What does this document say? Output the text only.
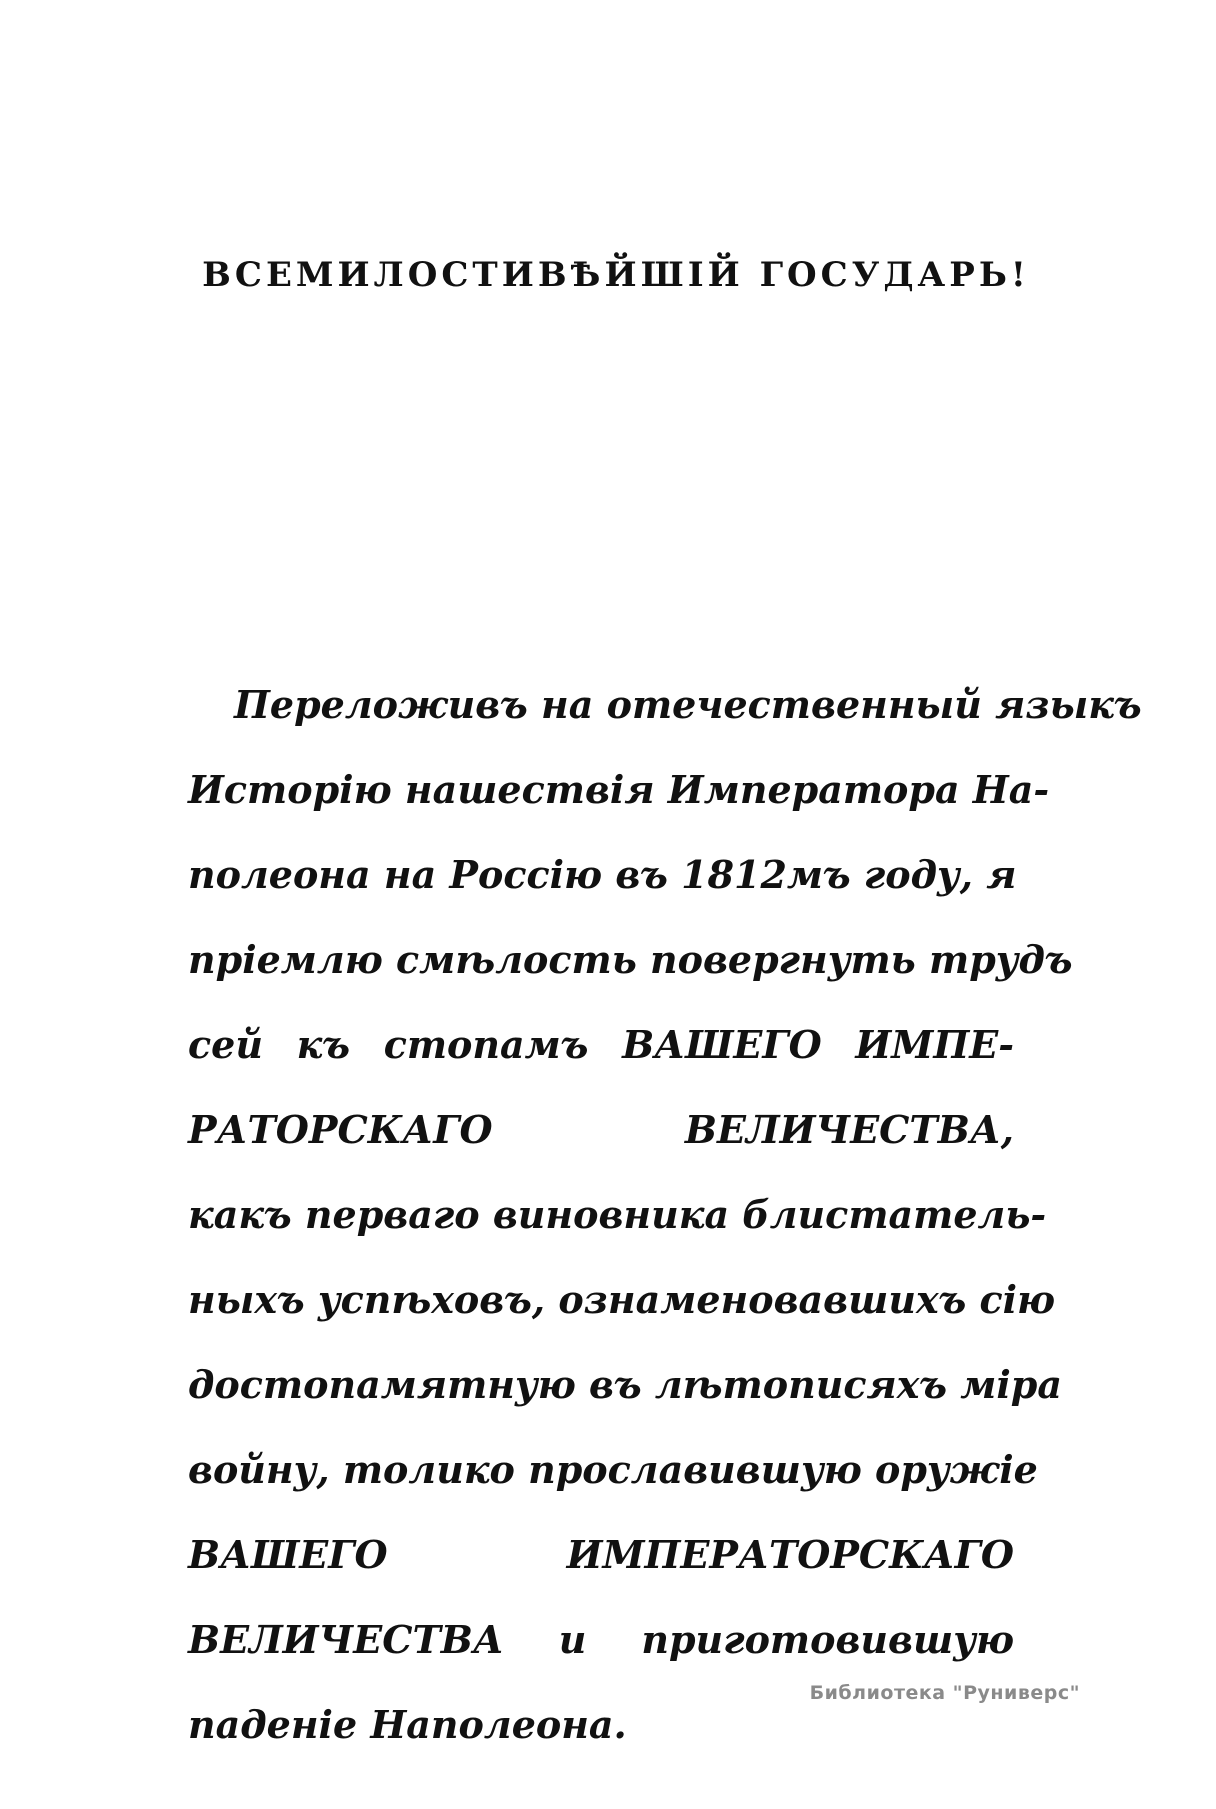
ВСЕМИЛОСТИВѢЙШІЙ ГОСУДАРЬ!
Переложивъ на отечественный языкъ
Исторію нашествія Императора На-
полеона на Россію въ 1812мъ году, я
пріемлю смѣлость повергнуть трудъ
сей къ стопамъ ВАШЕГО ИМПЕ-
РАТОРСКАГО ВЕЛИЧЕСТВА,
какъ перваго виновника блистатель-
ныхъ успѣховъ, ознаменовавшихъ сію
достопамятную въ лѣтописяхъ міра
войну, толико прославившую оружіе
ВАШЕГО ИМПЕРАТОРСКАГО
ВЕЛИЧЕСТВА и приготовившую
паденіе Наполеона.
Библиотека "Руниверс"
